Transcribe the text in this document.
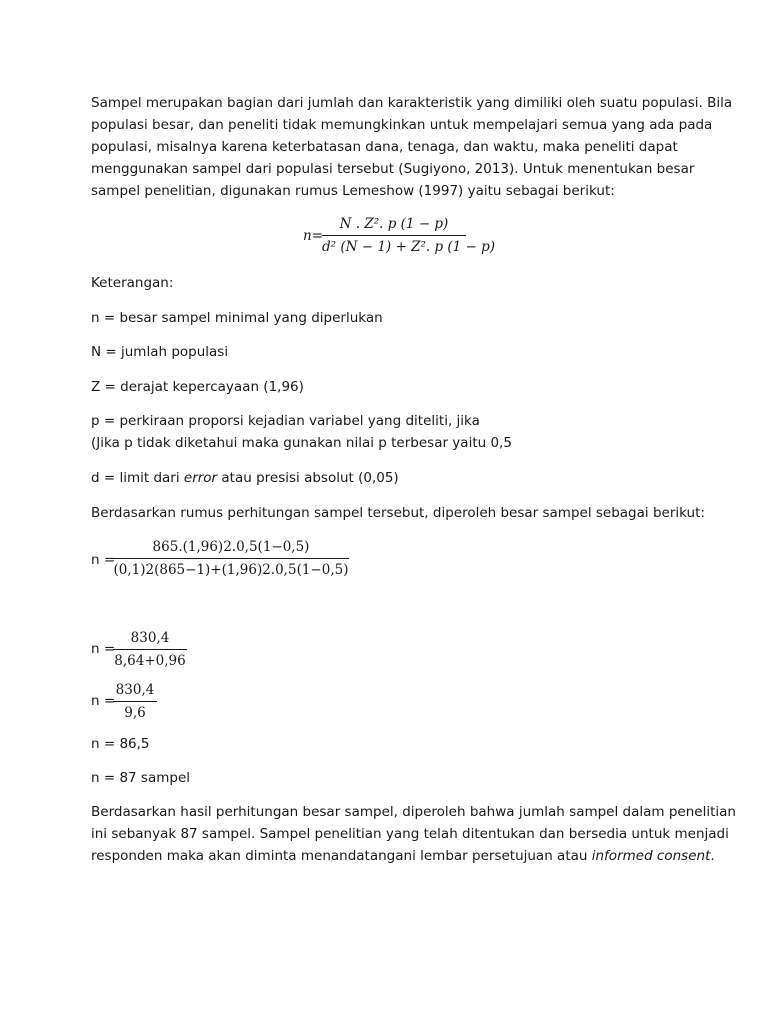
Sampel merupakan bagian dari jumlah dan karakteristik yang dimiliki oleh suatu populasi. Bila

populasi besar, dan peneliti tidak memungkinkan untuk mempelajari semua yang ada pada

populasi, misalnya karena keterbatasan dana, tenaga, dan waktu, maka peneliti dapat

menggunakan sampel dari populasi tersebut (Sugiyono, 2013). Untuk menentukan besar

sampel penelitian, digunakan rumus Lemeshow (1997) yaitu sebagai berikut:

n=
N . Z². p (1 − p)
d² (N − 1) + Z². p (1 − p)

Keterangan:

n = besar sampel minimal yang diperlukan

N = jumlah populasi

Z = derajat kepercayaan (1,96)

p = perkiraan proporsi kejadian variabel yang diteliti, jika

(Jika p tidak diketahui maka gunakan nilai p terbesar yaitu 0,5

d = limit dari error atau presisi absolut (0,05)

Berdasarkan rumus perhitungan sampel tersebut, diperoleh besar sampel sebagai berikut:

n =
865.(1,96)2.0,5(1−0,5)
(0,1)2(865−1)+(1,96)2.0,5(1−0,5)
n =
830,4
8,64+0,96
n =
830,4
9,6

n = 86,5

n = 87 sampel

Berdasarkan hasil perhitungan besar sampel, diperoleh bahwa jumlah sampel dalam penelitian

ini sebanyak 87 sampel. Sampel penelitian yang telah ditentukan dan bersedia untuk menjadi

responden maka akan diminta menandatangani lembar persetujuan atau informed consent.
